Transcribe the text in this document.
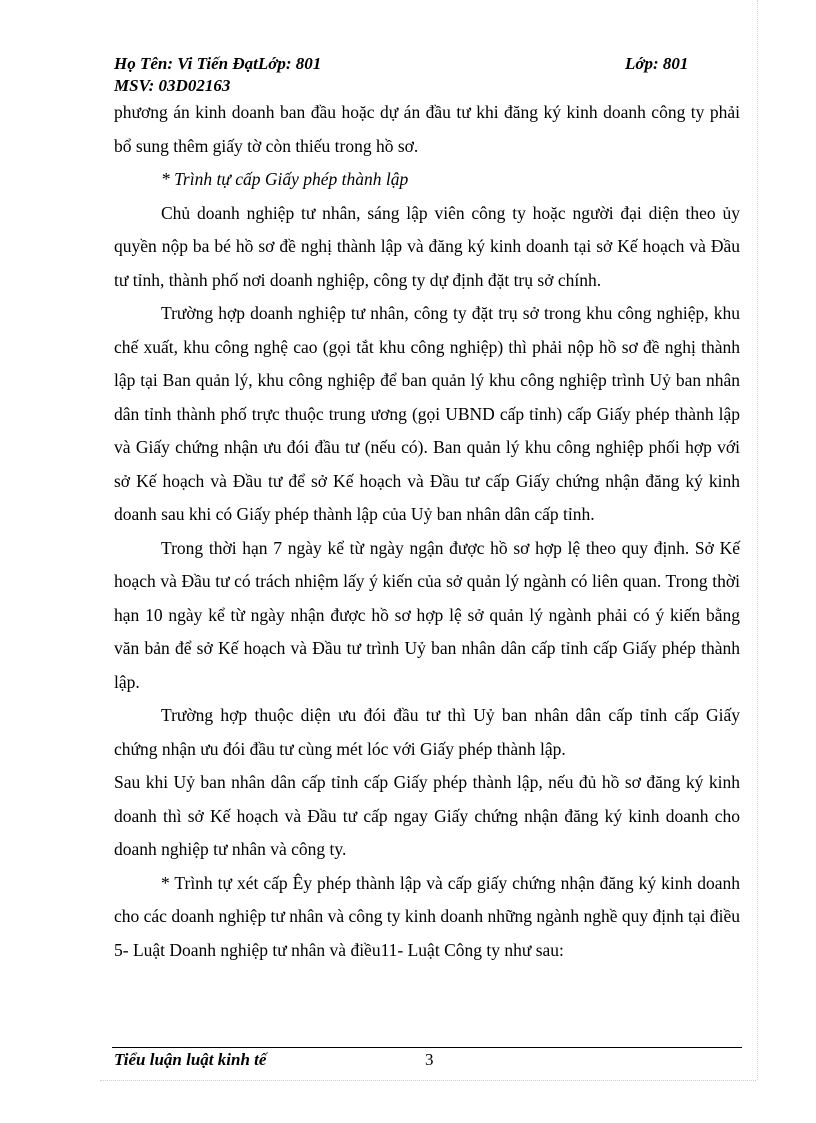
Họ Tên: Vi Tiến ĐạtLớp: 801	Lớp: 801
MSV: 03D02163

phương án kinh doanh ban đầu hoặc dự án đầu tư khi đăng ký kinh doanh công ty phải bổ sung thêm giấy tờ còn thiếu trong hồ sơ.

* Trình tự cấp Giấy phép thành lập

Chủ doanh nghiệp tư nhân, sáng lập viên công ty hoặc người đại diện theo ủy quyền nộp ba bé hồ sơ đề nghị thành lập và đăng ký kinh doanh tại sở Kế hoạch và Đầu tư tỉnh, thành phố nơi doanh nghiệp, công ty dự định đặt trụ sở chính.

Trường hợp doanh nghiệp tư nhân, công ty đặt trụ sở trong khu công nghiệp, khu chế xuất, khu công nghệ cao (gọi tắt khu công nghiệp) thì phải nộp hồ sơ đề nghị thành lập tại Ban quản lý, khu công nghiệp để ban quản lý khu công nghiệp trình Uỷ ban nhân dân tỉnh thành phố trực thuộc trung ương (gọi UBND cấp tỉnh) cấp Giấy phép thành lập và Giấy chứng nhận ưu đói đầu tư (nếu có). Ban quản lý khu công nghiệp phối hợp với sở Kế hoạch và Đầu tư để sở Kế hoạch và Đầu tư cấp Giấy chứng nhận đăng ký kinh doanh sau khi có Giấy phép thành lập của Uỷ ban nhân dân cấp tỉnh.

Trong thời hạn 7 ngày kể từ ngày ngận được hồ sơ hợp lệ theo quy định. Sở Kế hoạch và Đầu tư có trách nhiệm lấy ý kiến của sở quản lý ngành có liên quan. Trong thời hạn 10 ngày kể từ ngày nhận được hồ sơ hợp lệ sở quản lý ngành phải có ý kiến bằng văn bản để sở Kế hoạch và Đầu tư trình Uỷ ban nhân dân cấp tỉnh cấp Giấy phép thành lập.

Trường hợp thuộc diện ưu đói đầu tư thì Uỷ ban nhân dân cấp tỉnh cấp Giấy chứng nhận ưu đói đầu tư cùng mét lóc với Giấy phép thành lập.

Sau khi Uỷ ban nhân dân cấp tỉnh cấp Giấy phép thành lập, nếu đủ hồ sơ đăng ký kinh doanh thì sở Kế hoạch và Đầu tư cấp ngay Giấy chứng nhận đăng ký kinh doanh cho doanh nghiệp tư nhân và công ty.

* Trình tự xét cấp Êy phép thành lập và cấp giấy chứng nhận đăng ký kinh doanh cho các doanh nghiệp tư nhân và công ty kinh doanh những ngành nghề quy định tại điều 5- Luật Doanh nghiệp tư nhân và điều11- Luật Công ty như sau:

Tiểu luận luật kinh tế	3
